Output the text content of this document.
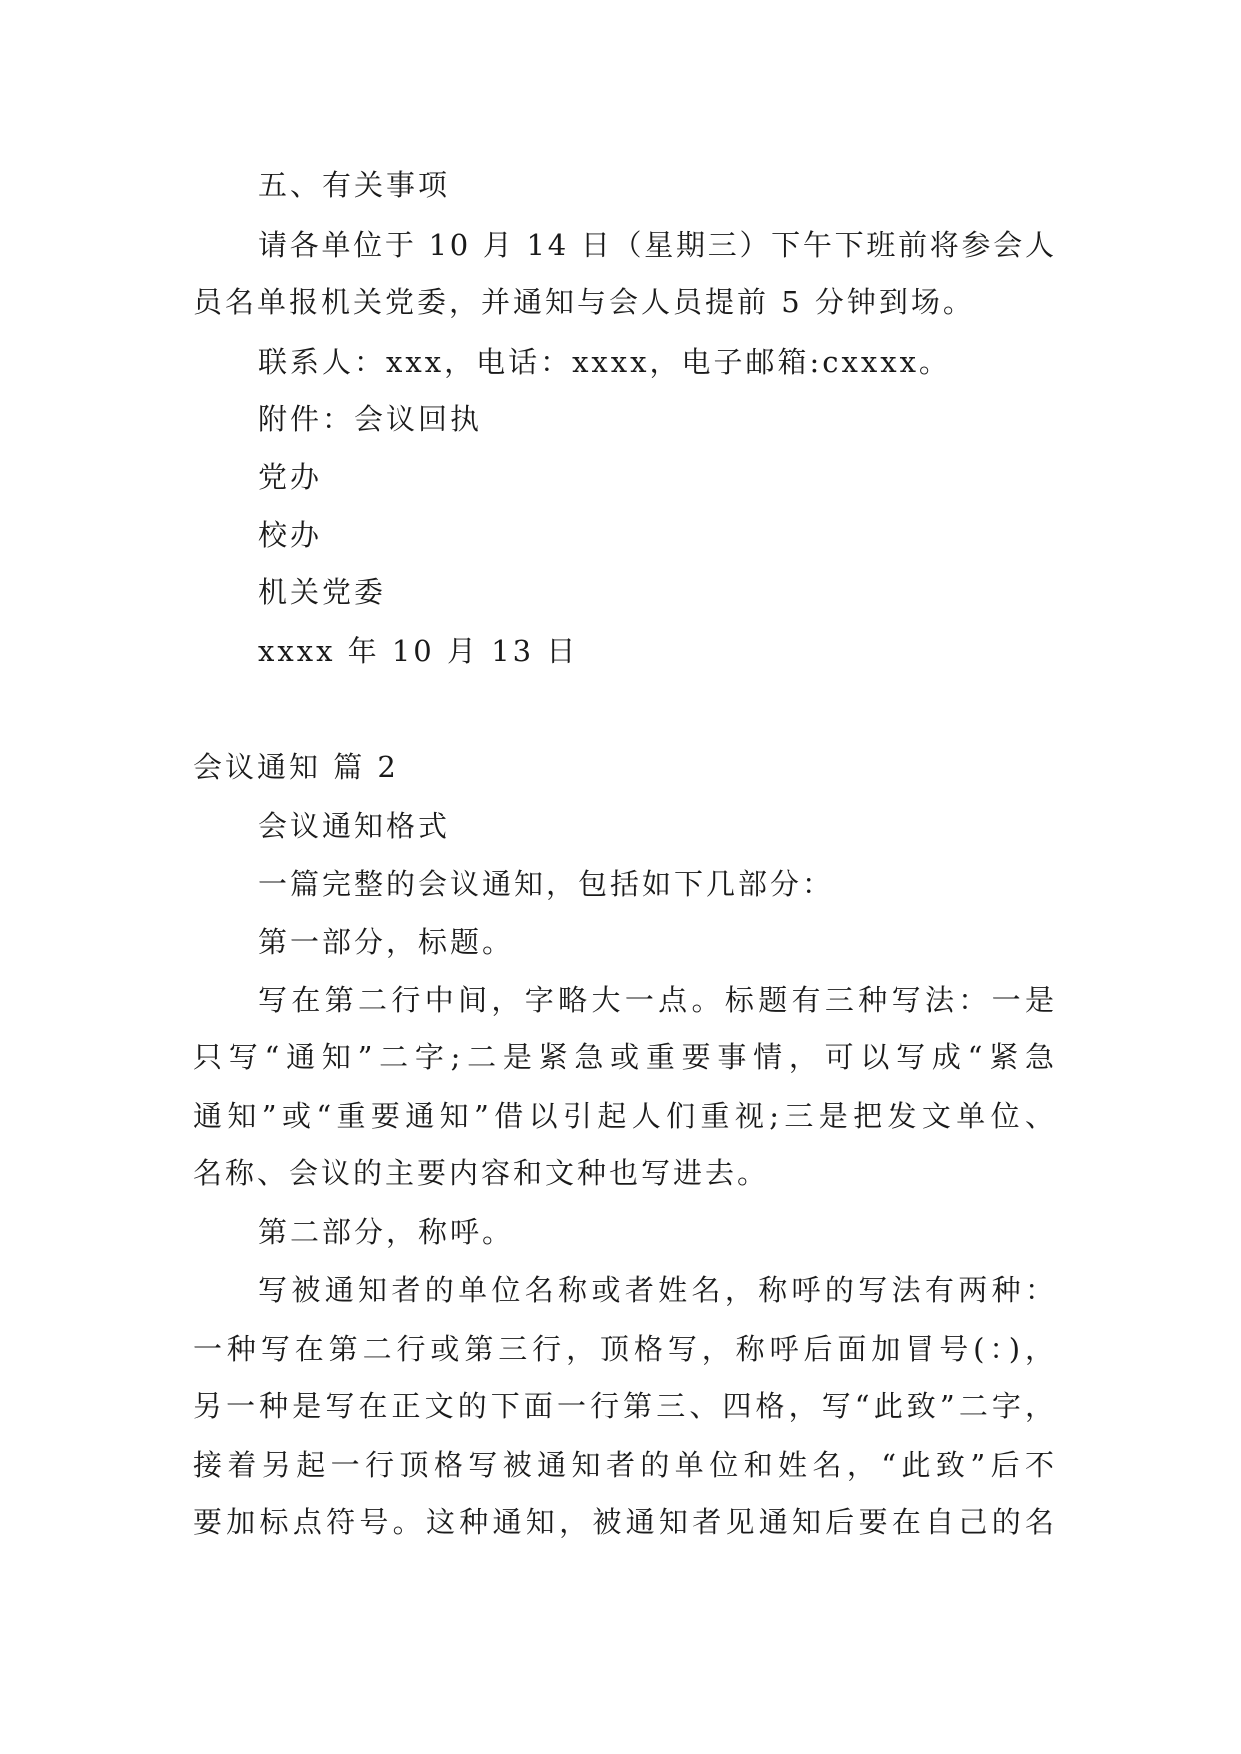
五、有关事项
请各单位于 10 月 14 日（星期三）下午下班前将参会人
员名单报机关党委，并通知与会人员提前 5 分钟到场。
联系人：xxx，电话：xxxx，电子邮箱:cxxxx。
附件：会议回执
党办
校办
机关党委
xxxx 年 10 月 13 日
会议通知 篇 2
会议通知格式
一篇完整的会议通知，包括如下几部分：
第一部分，标题。
写在第二行中间，字略大一点。标题有三种写法：一是
只写“通知”二字;二是紧急或重要事情，可以写成“紧急
通知”或“重要通知”借以引起人们重视;三是把发文单位、
名称、会议的主要内容和文种也写进去。
第二部分，称呼。
写被通知者的单位名称或者姓名，称呼的写法有两种：
一种写在第二行或第三行，顶格写，称呼后面加冒号(：)，
另一种是写在正文的下面一行第三、四格，写“此致”二字，
接着另起一行顶格写被通知者的单位和姓名，“此致”后不
要加标点符号。这种通知，被通知者见通知后要在自己的名
